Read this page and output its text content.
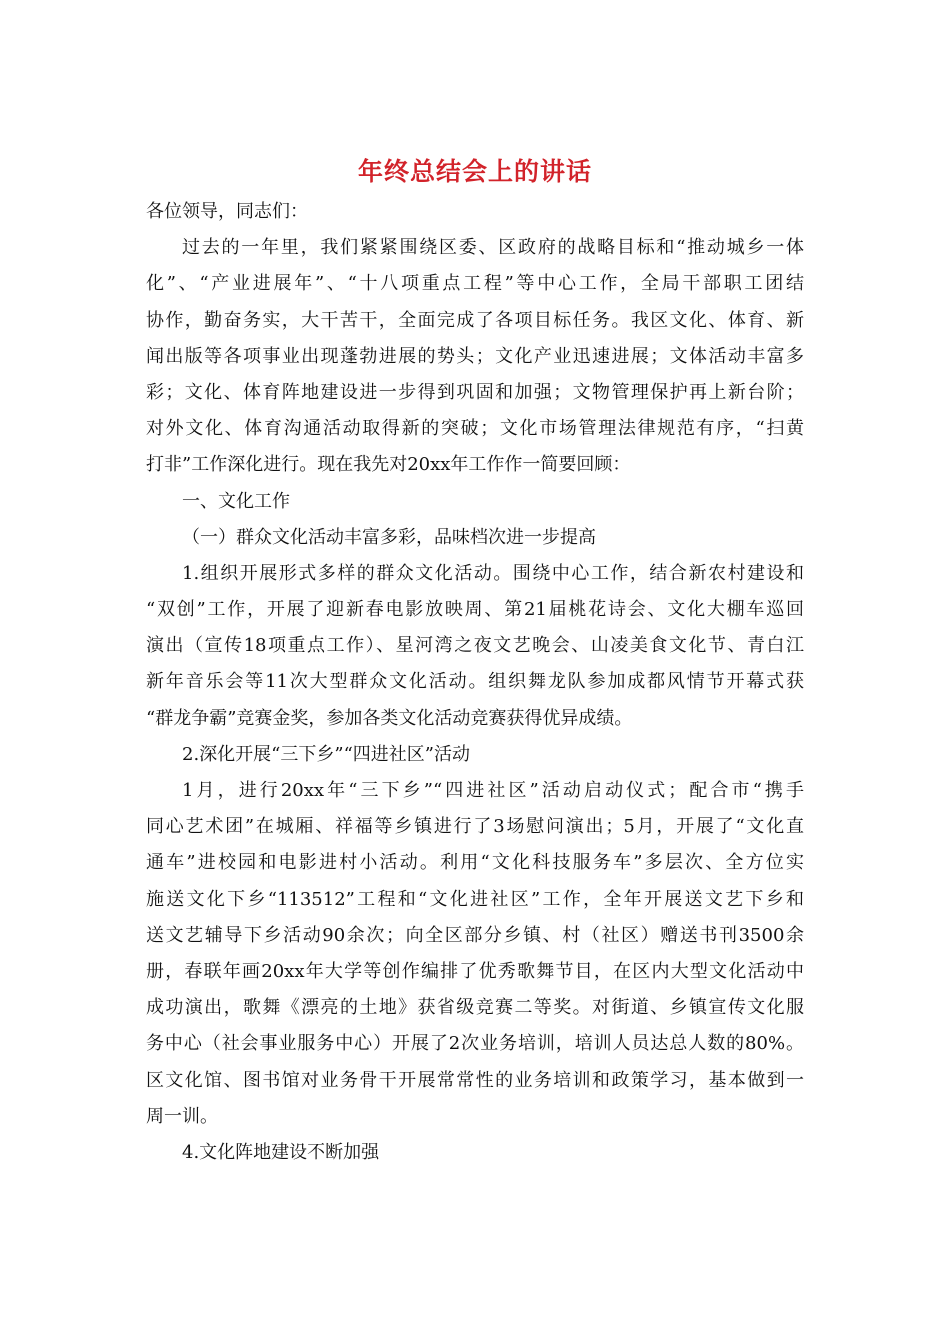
年终总结会上的讲话
各位领导，同志们：
过去的一年里，我们紧紧围绕区委、区政府的战略目标和“推动城乡一体
化”、“产业进展年”、“十八项重点工程”等中心工作，全局干部职工团结
协作，勤奋务实，大干苦干，全面完成了各项目标任务。我区文化、体育、新
闻出版等各项事业出现蓬勃进展的势头；文化产业迅速进展；文体活动丰富多
彩；文化、体育阵地建设进一步得到巩固和加强；文物管理保护再上新台阶；
对外文化、体育沟通活动取得新的突破；文化市场管理法律规范有序，“扫黄
打非”工作深化进行。现在我先对20xx年工作作一简要回顾：
一、文化工作
（一）群众文化活动丰富多彩，品味档次进一步提高
1.组织开展形式多样的群众文化活动。围绕中心工作，结合新农村建设和
“双创”工作，开展了迎新春电影放映周、第21届桃花诗会、文化大棚车巡回
演出（宣传18项重点工作）、星河湾之夜文艺晚会、山凌美食文化节、青白江
新年音乐会等11次大型群众文化活动。组织舞龙队参加成都风情节开幕式获
“群龙争霸”竞赛金奖，参加各类文化活动竞赛获得优异成绩。
2.深化开展“三下乡”“四进社区”活动
1月，进行20xx年“三下乡”“四进社区”活动启动仪式；配合市“携手
同心艺术团”在城厢、祥福等乡镇进行了3场慰问演出；5月，开展了“文化直
通车”进校园和电影进村小活动。利用“文化科技服务车”多层次、全方位实
施送文化下乡“113512”工程和“文化进社区”工作，全年开展送文艺下乡和
送文艺辅导下乡活动90余次；向全区部分乡镇、村（社区）赠送书刊3500余
册，春联年画20xx年大学等创作编排了优秀歌舞节目，在区内大型文化活动中
成功演出，歌舞《漂亮的土地》获省级竞赛二等奖。对街道、乡镇宣传文化服
务中心（社会事业服务中心）开展了2次业务培训，培训人员达总人数的80%。
区文化馆、图书馆对业务骨干开展常常性的业务培训和政策学习，基本做到一
周一训。
4.文化阵地建设不断加强
